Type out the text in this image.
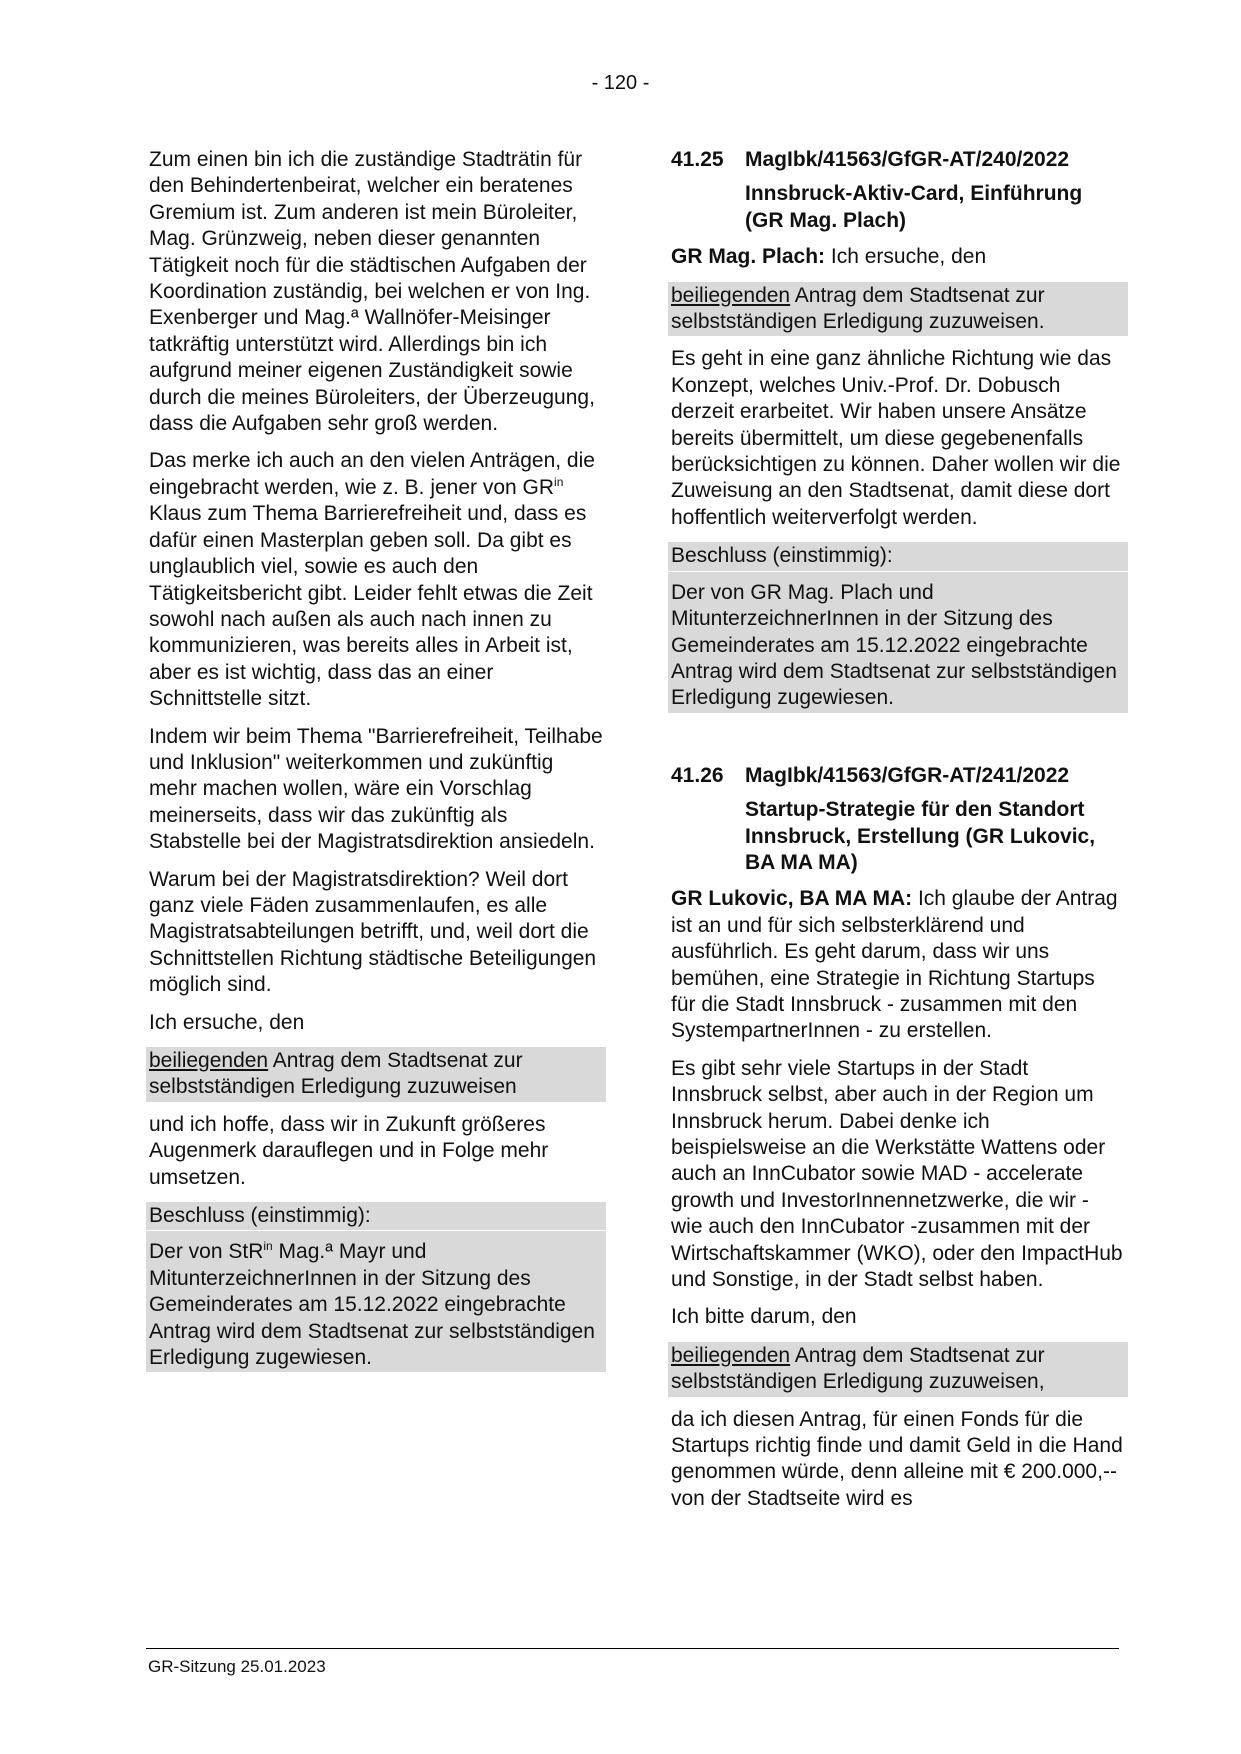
- 120 -

Zum einen bin ich die zuständige Stadträtin für den Behindertenbeirat, welcher ein beratenes Gremium ist. Zum anderen ist mein Büroleiter, Mag. Grünzweig, neben dieser genannten Tätigkeit noch für die städtischen Aufgaben der Koordination zuständig, bei welchen er von Ing. Exenberger und Mag.ª Wallnöfer-Meisinger tatkräftig unterstützt wird. Allerdings bin ich aufgrund meiner eigenen Zuständigkeit sowie durch die meines Büroleiters, der Überzeugung, dass die Aufgaben sehr groß werden.

Das merke ich auch an den vielen Anträgen, die eingebracht werden, wie z. B. jener von $GR^{in}$ Klaus zum Thema Barrierefreiheit und, dass es dafür einen Masterplan geben soll. Da gibt es unglaublich viel, sowie es auch den Tätigkeitsbericht gibt. Leider fehlt etwas die Zeit sowohl nach außen als auch nach innen zu kommunizieren, was bereits alles in Arbeit ist, aber es ist wichtig, dass das an einer Schnittstelle sitzt.

Indem wir beim Thema "Barrierefreiheit, Teilhabe und Inklusion" weiterkommen und zukünftig mehr machen wollen, wäre ein Vorschlag meinerseits, dass wir das zukünftig als Stabstelle bei der Magistratsdirektion ansiedeln.

Warum bei der Magistratsdirektion? Weil dort ganz viele Fäden zusammenlaufen, es alle Magistratsabteilungen betrifft, und, weil dort die Schnittstellen Richtung städtische Beteiligungen möglich sind.

Ich ersuche, den

beiliegenden Antrag dem Stadtsenat zur selbstständigen Erledigung zuzuweisen

und ich hoffe, dass wir in Zukunft größeres Augenmerk darauflegen und in Folge mehr umsetzen.

Beschluss (einstimmig):

Der von StR$^{in}$ Mag.ª Mayr und MitunterzeichnerInnen in der Sitzung des Gemeinderates am 15.12.2022 eingebrachte Antrag wird dem Stadtsenat zur selbstständigen Erledigung zugewiesen.

41.25	MagIbk/41563/GfGR-AT/240/2022
Innsbruck-Aktiv-Card, Einführung (GR Mag. Plach)

GR Mag. Plach: Ich ersuche, den

beiliegenden Antrag dem Stadtsenat zur selbstständigen Erledigung zuzuweisen.

Es geht in eine ganz ähnliche Richtung wie das Konzept, welches Univ.-Prof. Dr. Dobusch derzeit erarbeitet. Wir haben unsere Ansätze bereits übermittelt, um diese gegebenenfalls berücksichtigen zu können. Daher wollen wir die Zuweisung an den Stadtsenat, damit diese dort hoffentlich weiterverfolgt werden.

Beschluss (einstimmig):

Der von GR Mag. Plach und MitunterzeichnerInnen in der Sitzung des Gemeinderates am 15.12.2022 eingebrachte Antrag wird dem Stadtsenat zur selbstständigen Erledigung zugewiesen.

41.26	MagIbk/41563/GfGR-AT/241/2022
Startup-Strategie für den Standort Innsbruck, Erstellung (GR Lukovic, BA MA MA)

GR Lukovic, BA MA MA: Ich glaube der Antrag ist an und für sich selbsterklärend und ausführlich. Es geht darum, dass wir uns bemühen, eine Strategie in Richtung Startups für die Stadt Innsbruck - zusammen mit den SystempartnerInnen - zu erstellen.

Es gibt sehr viele Startups in der Stadt Innsbruck selbst, aber auch in der Region um Innsbruck herum. Dabei denke ich beispielsweise an die Werkstätte Wattens oder auch an InnCubator sowie MAD - accelerate growth und InvestorInnennetzwerke, die wir - wie auch den InnCubator -zusammen mit der Wirtschaftskammer (WKO), oder den ImpactHub und Sonstige, in der Stadt selbst haben.

Ich bitte darum, den

beiliegenden Antrag dem Stadtsenat zur selbstständigen Erledigung zuzuweisen,

da ich diesen Antrag, für einen Fonds für die Startups richtig finde und damit Geld in die Hand genommen würde, denn alleine mit € 200.000,-- von der Stadtseite wird es

GR-Sitzung 25.01.2023
